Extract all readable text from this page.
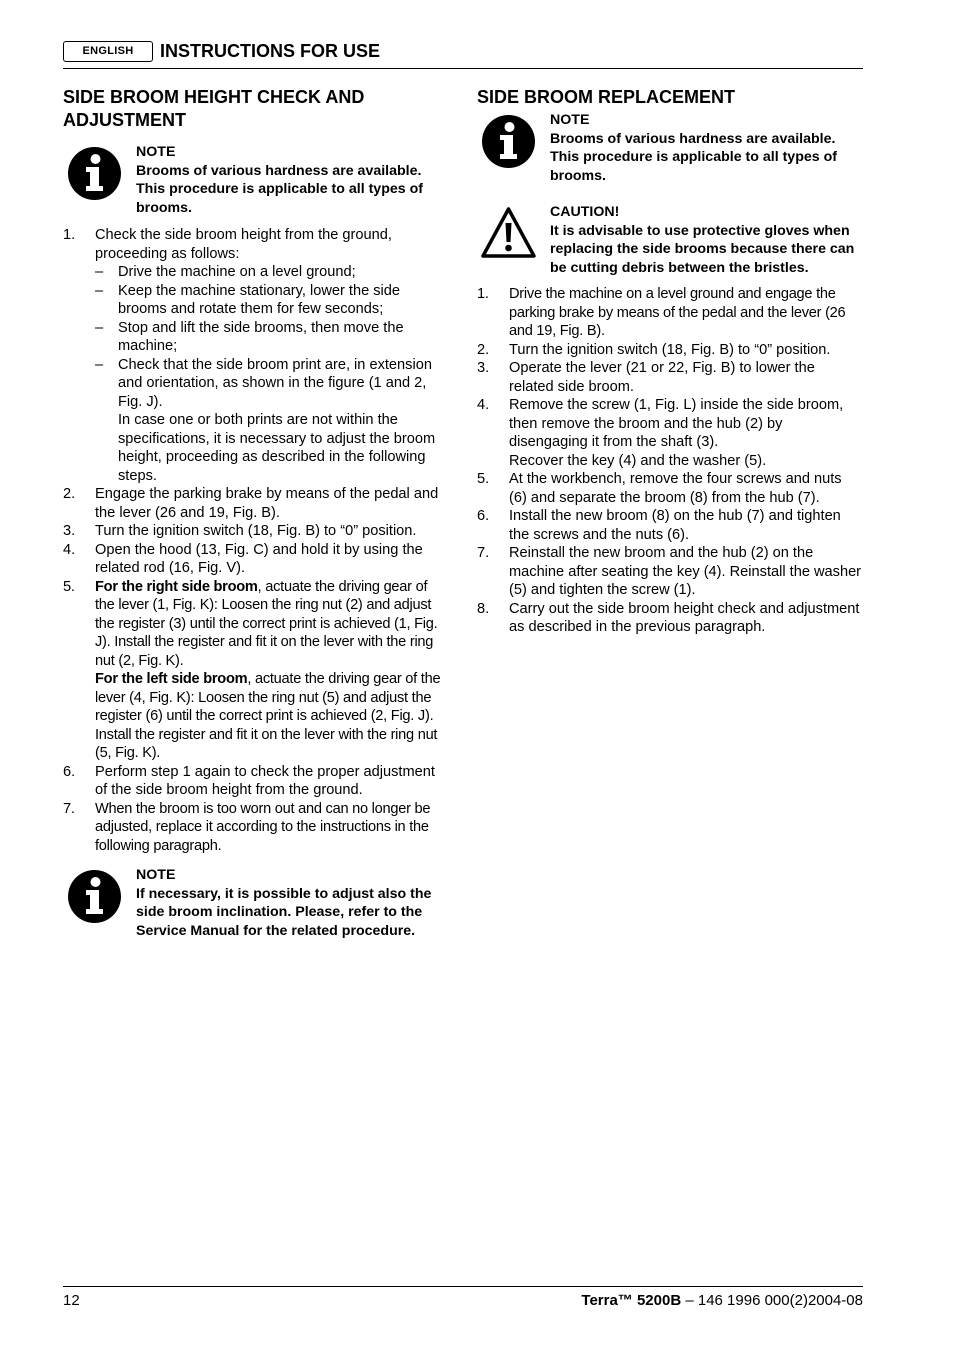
ENGLISH	INSTRUCTIONS FOR USE
SIDE BROOM HEIGHT CHECK AND
ADJUSTMENT
NOTE
Brooms of various hardness are available. This procedure is applicable to all types of brooms.
1. Check the side broom height from the ground, proceeding as follows:
– Drive the machine on a level ground;
– Keep the machine stationary, lower the side brooms and rotate them for few seconds;
– Stop and lift the side brooms, then move the machine;
– Check that the side broom print are, in extension and orientation, as shown in the figure (1 and 2, Fig. J).
In case one or both prints are not within the specifications, it is necessary to adjust the broom height, proceeding as described in the following steps.
2. Engage the parking brake by means of the pedal and the lever (26 and 19, Fig. B).
3. Turn the ignition switch (18, Fig. B) to “0” position.
4. Open the hood (13, Fig. C) and hold it by using the related rod (16, Fig. V).
5. For the right side broom, actuate the driving gear of the lever (1, Fig. K): Loosen the ring nut (2) and adjust the register (3) until the correct print is achieved (1, Fig. J). Install the register and fit it on the lever with the ring nut (2, Fig. K).
For the left side broom, actuate the driving gear of the lever (4, Fig. K): Loosen the ring nut (5) and adjust the register (6) until the correct print is achieved (2, Fig. J). Install the register and fit it on the lever with the ring nut (5, Fig. K).
6. Perform step 1 again to check the proper adjustment of the side broom height from the ground.
7. When the broom is too worn out and can no longer be adjusted, replace it according to the instructions in the following paragraph.
NOTE
If necessary, it is possible to adjust also the side broom inclination. Please, refer to the Service Manual for the related procedure.
SIDE BROOM REPLACEMENT
NOTE
Brooms of various hardness are available. This procedure is applicable to all types of brooms.
CAUTION!
It is advisable to use protective gloves when replacing the side brooms because there can be cutting debris between the bristles.
1. Drive the machine on a level ground and engage the parking brake by means of the pedal and the lever (26 and 19, Fig. B).
2. Turn the ignition switch (18, Fig. B) to “0” position.
3. Operate the lever (21 or 22, Fig. B) to lower the related side broom.
4. Remove the screw (1, Fig. L) inside the side broom, then remove the broom and the hub (2) by disengaging it from the shaft (3).
Recover the key (4) and the washer (5).
5. At the workbench, remove the four screws and nuts (6) and separate the broom (8) from the hub (7).
6. Install the new broom (8) on the hub (7) and tighten the screws and the nuts (6).
7. Reinstall the new broom and the hub (2) on the machine after seating the key (4). Reinstall the washer (5) and tighten the screw (1).
8. Carry out the side broom height check and adjustment as described in the previous paragraph.
12	Terra™ 5200B – 146 1996 000(2)2004-08
